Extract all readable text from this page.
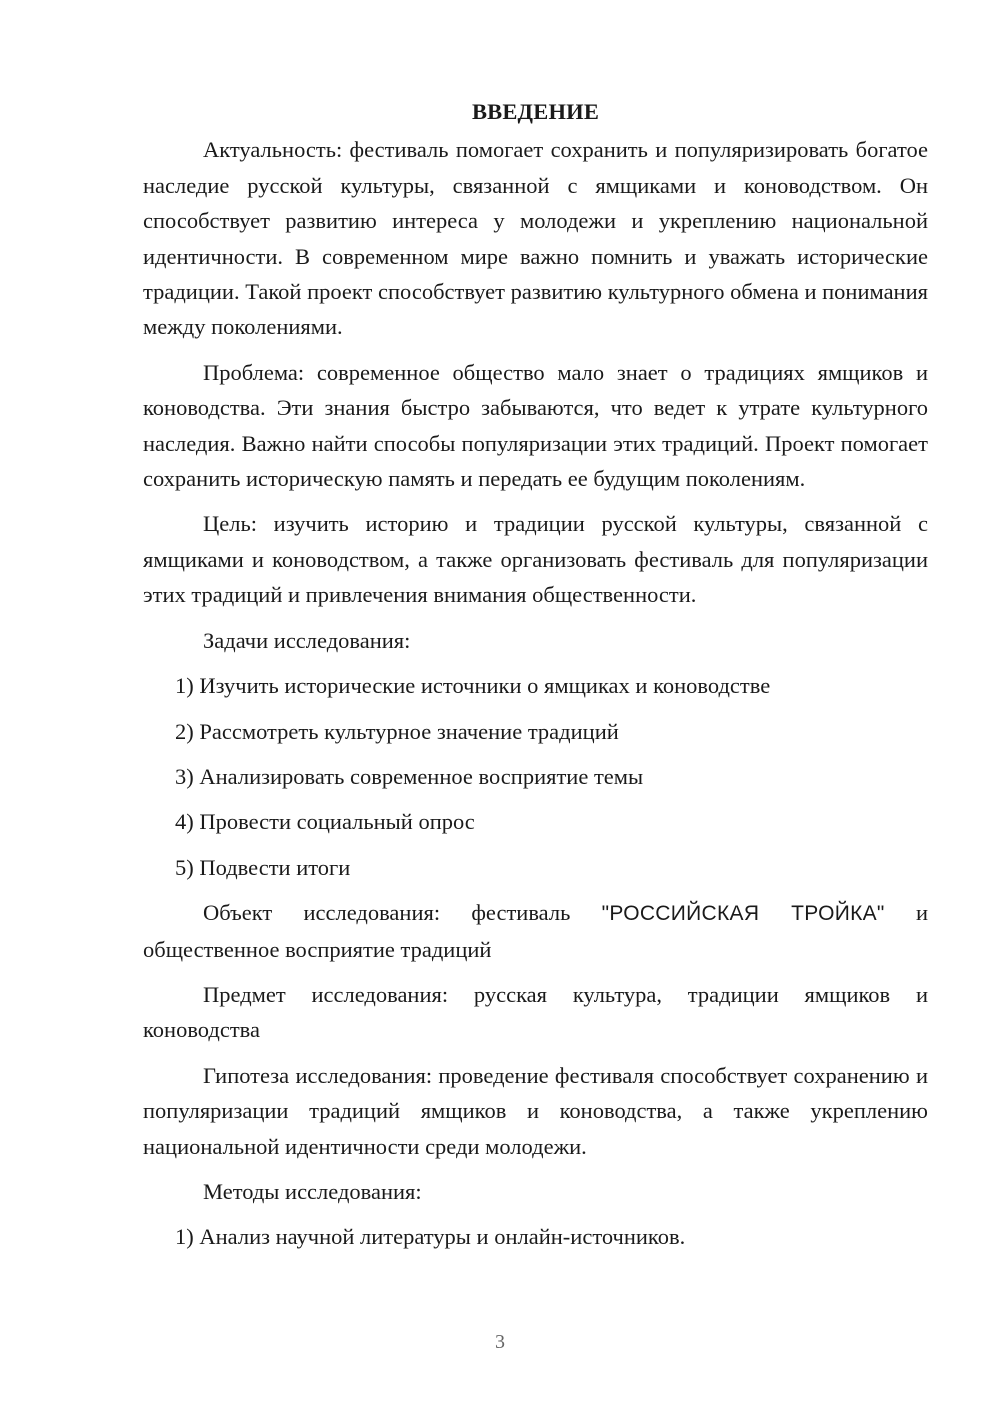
ВВЕДЕНИЕ

Актуальность: фестиваль помогает сохранить и популяризировать богатое наследие русской культуры, связанной с ямщиками и коноводством. Он способствует развитию интереса у молодежи и укреплению национальной идентичности. В современном мире важно помнить и уважать исторические традиции. Такой проект способствует развитию культурного обмена и понимания между поколениями.

Проблема: современное общество мало знает о традициях ямщиков и коноводства. Эти знания быстро забываются, что ведет к утрате культурного наследия. Важно найти способы популяризации этих традиций. Проект помогает сохранить историческую память и передать ее будущим поколениям.

Цель: изучить историю и традиции русской культуры, связанной с ямщиками и коноводством, а также организовать фестиваль для популяризации этих традиций и привлечения внимания общественности.

Задачи исследования:

1) Изучить исторические источники о ямщиках и коноводстве
2) Рассмотреть культурное значение традиций
3) Анализировать современное восприятие темы
4) Провести социальный опрос
5) Подвести итоги

Объект исследования: фестиваль "РОССИЙСКАЯ ТРОЙКА" и общественное восприятие традиций

Предмет исследования: русская культура, традиции ямщиков и коноводства

Гипотеза исследования: проведение фестиваля способствует сохранению и популяризации традиций ямщиков и коноводства, а также укреплению национальной идентичности среди молодежи.

Методы исследования:

1) Анализ научной литературы и онлайн-источников.
3
